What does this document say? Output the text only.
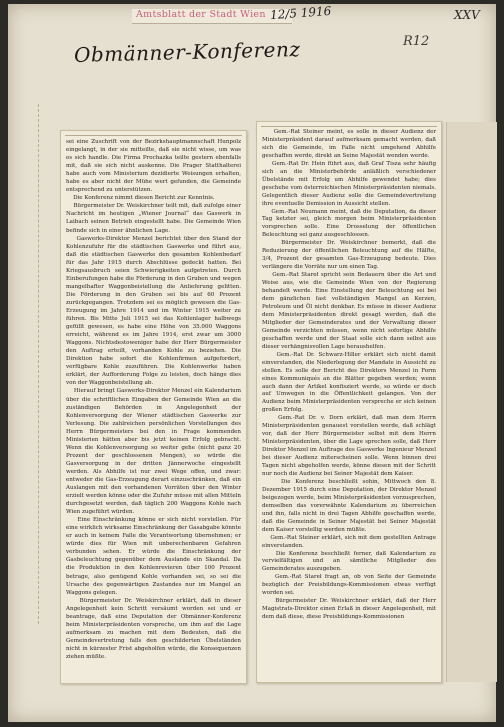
Amtsblatt der Stadt Wien 12/5 1916	XXV
Obmänner-Konferenz	R12

sei eine Zuschrift von der Bezirkshauptmannschaft Hunpolz eingelangt, in der sie mitteilte, daß sie nicht wisse, um was es sich handle. Die Firma Prochazka teilte gestern ebenfalls mit, daß sie sich nicht auskenne. Die Prager Statthalterei habe auch vom Ministerium dezidierte Weisungen erhalten, habe es aber nicht der Mühe wert gefunden, die Gemeinde entsprechend zu unterstützen.
Die Konferenz nimmt diesen Bericht zur Kenntnis.
Bürgermeister Dr. Weiskirchner teilt mit, daß zufolge einer Nachricht im heutigen „Wiener Journal“ das Gaswerk in Laibach seinen Betrieb eingestellt habe. Die Gemeinde Wien befinde sich in einer ähnlichen Lage.
Gaswerks-Direktor Menzel berichtet über den Stand der Kohlenzufuhr für die städtischen Gaswerke und führt aus, daß die städtischen Gaswerke den gesamten Kohlenbedarf für das Jahr 1915 durch Abschlüsse gedeckt hatten. Bei Kriegsausbruch seien Schwierigkeiten aufgetreten. Durch Einberufungen habe die Förderung in den Gruben und wegen mangelhafter Waggonbeistellung die Anlieferung gelitten. Die Förderung in den Gruben sei bis auf 60 Prozent zurückgegangen. Trotzdem sei es möglich gewesen die Gas-Erzeugung im Jahre 1914 und im Winter 1915 weiter zu führen. Bis Mitte Juli 1915 sei das Kohlenlager halbwegs gefüllt gewesen, es habe eine Höhe von 35.000 Waggons erreicht, während es im Jahre 1914, erst zwar um 3000 Waggons. Nichtsdestoweniger habe der Herr Bürgermeister den Auftrag erteilt, vorhanden Kohle zu beziehen. Die Direktion habe sofort die Kohlenfirmen aufgefordert, verfügbare Kohle zuzuführen. Die Kohlenwerke haben erklärt, der Aufforderung Folge zu leisten, doch hänge dies von der Waggonbeistellung ab.
Hierauf bringt Gaswerks-Direktor Menzel ein Kalendarium über die schriftlichen Eingaben der Gemeinde Wien an die zuständigen Behörden in Angelegenheit der Kohlenversorgung der Wiener städtischen Gaswerke zur Verlesung. Die zahlreichen persönlichen Vorstellungen des Herrn Bürgermeisters bei den in Frage kommenden Ministerien hätten aber bis jetzt keinen Erfolg gebracht. Wenn die Kohlenversorgung so weiter gehe (nicht ganz 20 Prozent der geschlossenen Mengen), so würde die Gasversorgung in der dritten Jännerwoche eingestellt werden. Als Abhilfe ist nur zwei Wege offen, und zwar: entweder die Gas-Erzeugung derart einzuschränken, daß ein Auslangen mit den vorhandenen Vorräten über den Winter erzielt werden könne oder die Zufuhr müsse mit allen Mitteln durchgesetzt werden, daß täglich 200 Waggons Kohle nach Wien zugeführt würden.
Eine Einschränkung könne er sich nicht vorstellen. Für eine wirklich wirksame Einschränkung der Gasabgabe könnte er auch in keinem Falle die Verantwortung übernehmen; er würde dies für Wien mit unberechenbaren Gefahren verbunden sehen. Er würde die Einschränkung der Gasbeleuchtung gegenüber dem Auslande ein Skandal. Da die Produktion in den Kohlenrevieren über 100 Prozent betrage, also genügend Kohle vorhanden sei, so sei die Ursache des gegenwärtigen Zustandes nur im Mangel an Waggons gelegen.
Bürgermeister Dr. Weiskirchner erklärt, daß in dieser Angelegenheit kein Schritt versäumt worden sei und er beantrage, daß eine Deputation der Obmänner-Konferenz beim Ministerpräsidenten vorspreche, um ihm auf die Lage aufmerksam zu machen mit dem Bedeuten, daß die Gemeindevertretung falls den geschilderten Übelständen nicht in kürzester Frist abgeholfen würde, die Konsequenzen ziehen müßte.

Gem.-Rat Steiner meint, es solle in dieser Audienz der Ministerpräsident darauf aufmerksam gemacht werden, daß sich die Gemeinde, im Falle nicht umgehend Abhilfe geschaffen werde, direkt an Seine Majestät wenden werde.
Gem.-Rat Dr. Hein führt aus, daß Graf Tisza sehr häufig sich an die Ministerbehörde anläßlich verschiedener Übelstände mit Erfolg um Abhilfe gewendet habe; dies geschehe vom österreichischen Ministerpräsidenten niemals. Gelegentlich dieser Audienz solle die Gemeindevertretung ihre eventuelle Demission in Aussicht stellen.
Gem.-Rat Neumann meint, daß die Deputation, da dieser Tag ketzter sei, gleich morgen beim Ministerpräsidenten vorsprechen solle. Eine Drosselung der öffentlichen Beleuchtung sei ganz ausgeschlossen.
Bürgermeister Dr. Weiskirchner bemerkt, daß die Reduzierung der öffentlichen Beleuchtung auf die Hälfte, 3/4, Prozent der gesamten Gas-Erzeugung bedeute. Dies verlängere die Vorräte nur um einen Tag.
Gem.-Rat Stareł spricht sein Bedauern über die Art und Weise aus, wie die Gemeinde Wien von der Regierung behandelt werde. Eine Einstellung der Beleuchtung sei bei dem gänzlichen fast vollständigen Mangel an Kerzen, Petroleum und Öl nicht denkbar. Es müsse in dieser Audienz dem Ministerpräsidenten direkt gesagt werden, daß die Mitglieder der Gemeinderates und der Verwaltung dieser Gemeinde verzichten müssen, wenn nicht sofortige Abhilfe geschaffen werde und der Staat solle sich dann selbst aus dieser verhängnisvollen Lage heraushelfen.
Gem.-Rat Dr. Schwarz-Hiller erklärt sich nicht damit einverstanden, die Niederlegung der Mandate in Aussicht zu stellen. Es solle der Bericht des Direktors Menzel in Form eines Kommuniqués an die Blätter gegeben werden; wenn auch dann der Artikel konfisziert werde, so würde er doch auf Umwegen in die Öffentlichkeit gelangen. Von der Audienz beim Ministerpräsidenten verspreche er sich keinen großen Erfolg.
Gem.-Rat Dr. v. Dorn erklärt, daß man dem Herrn Ministerpräsidenten genauest vorstellen werde, daß schlägt vor, daß der Herr Bürgermeister selbst mit dem Herrn Ministerpräsidenten, über die Lage sprechen solle, daß Herr Direktor Menzel im Auftrage des Gaswerke Ingenieur Menzel bei dieser Audienz miterscheinen solle. Wenn binnen drei Tagen nicht abgeholfen werde, könne diesen mit der Schritt nur noch die Audienz bei Seiner Majestät dem Kaiser.
Die Konferenz beschließt sohin, Mittwoch den 8. Dezember 1915 durch eine Deputation, der Direktor Menzel beigezogen werde, beim Ministerpräsidenten vorzusprechen, demselben das vorerwähnte Kalendarium zu überreichen und ihn, falls nicht in drei Tagen Abhilfe geschaffen werde, daß die Gemeinde in Seiner Majestät bei Seiner Majestät dem Kaiser vorstellig werden müßte.
Gem.-Rat Steiner erklärt, sich mit dem gestellten Antrage einverstanden.
Die Konferenz beschließt ferner, daß Kalendarium zu vervielfältigen und an sämtliche Mitglieder des Gemeinderates auszugeben.
Gem.-Rat Stareł fragt an, ob von Seite der Gemeinde bezüglich der Preisbildungs-Kommissionen etwas verfügt worden sei.
Bürgermeister Dr. Weiskirchner erklärt, daß der Herr Magistrats-Direktor einen Erlaß in dieser Angelegenheit, mit dem daß diese, diese Preisbildungs-Kommissionen
